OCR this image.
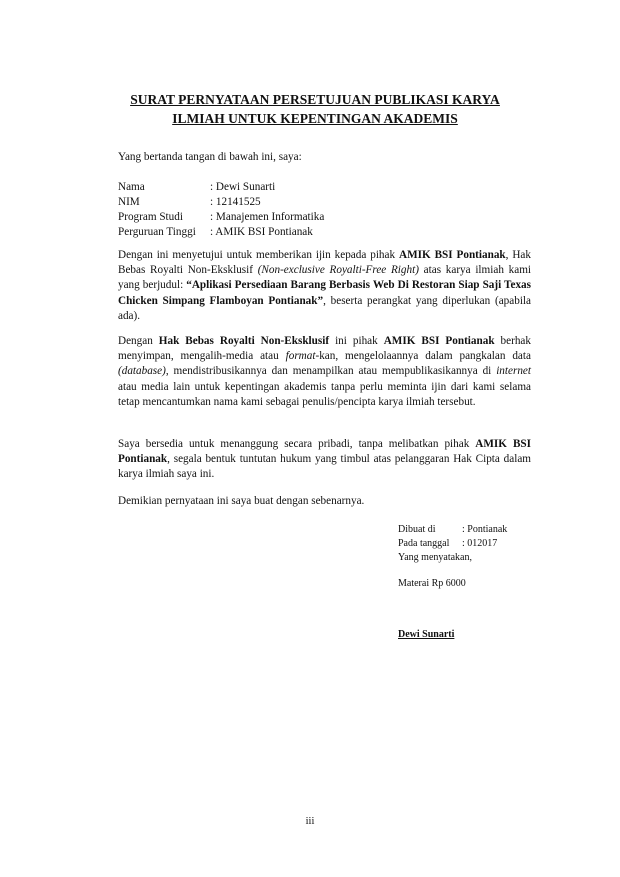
SURAT PERNYATAAN PERSETUJUAN PUBLIKASI KARYA
ILMIAH UNTUK KEPENTINGAN AKADEMIS
Yang bertanda tangan di bawah ini, saya:
Nama	: Dewi Sunarti
NIM	: 12141525
Program Studi : Manajemen Informatika
Perguruan Tinggi : AMIK BSI Pontianak
Dengan ini menyetujui untuk memberikan ijin kepada pihak AMIK BSI Pontianak, Hak Bebas Royalti Non-Eksklusif (Non-exclusive Royalti-Free Right) atas karya ilmiah kami yang berjudul: “Aplikasi Persediaan Barang Berbasis Web Di Restoran Siap Saji Texas Chicken Simpang Flamboyan Pontianak”, beserta perangkat yang diperlukan (apabila ada).
Dengan Hak Bebas Royalti Non-Eksklusif ini pihak AMIK BSI Pontianak berhak menyimpan, mengalih-media atau format-kan, mengelolaannya dalam pangkalan data (database), mendistribusikannya dan menampilkan atau mempublikasikannya di internet atau media lain untuk kepentingan akademis tanpa perlu meminta ijin dari kami selama tetap mencantumkan nama kami sebagai penulis/pencipta karya ilmiah tersebut.
Saya bersedia untuk menanggung secara pribadi, tanpa melibatkan pihak AMIK BSI Pontianak, segala bentuk tuntutan hukum yang timbul atas pelanggaran Hak Cipta dalam karya ilmiah saya ini.
Demikian pernyataan ini saya buat dengan sebenarnya.
Dibuat di	: Pontianak
Pada tanggal : 012017
Yang menyatakan,
Materai Rp 6000
Dewi Sunarti
iii
